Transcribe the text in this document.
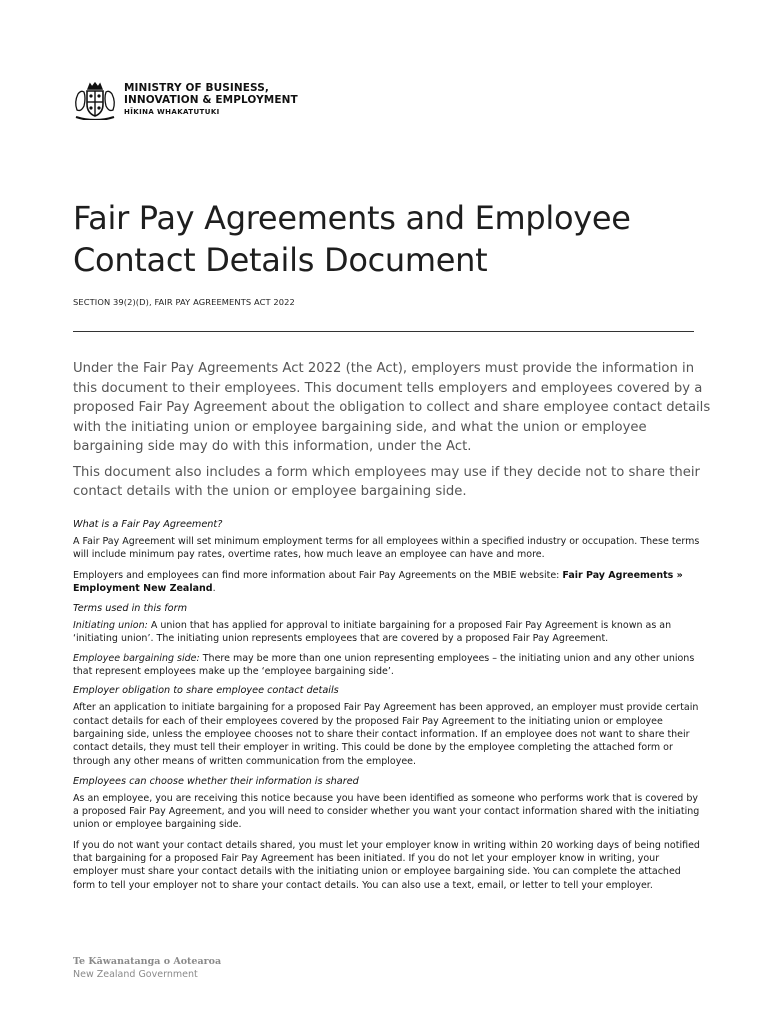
MINISTRY OF BUSINESS,
INNOVATION & EMPLOYMENT
HĪKINA WHAKATUTUKI
Fair Pay Agreements and Employee Contact Details Document
SECTION 39(2)(D), FAIR PAY AGREEMENTS ACT 2022

Under the Fair Pay Agreements Act 2022 (the Act), employers must provide the information in this document to their employees. This document tells employers and employees covered by a proposed Fair Pay Agreement about the obligation to collect and share employee contact details with the initiating union or employee bargaining side, and what the union or employee bargaining side may do with this information, under the Act.

This document also includes a form which employees may use if they decide not to share their contact details with the union or employee bargaining side.

What is a Fair Pay Agreement?

A Fair Pay Agreement will set minimum employment terms for all employees within a specified industry or occupation. These terms will include minimum pay rates, overtime rates, how much leave an employee can have and more.

Employers and employees can find more information about Fair Pay Agreements on the MBIE website: Fair Pay Agreements » Employment New Zealand.

Terms used in this form

Initiating union: A union that has applied for approval to initiate bargaining for a proposed Fair Pay Agreement is known as an ‘initiating union’. The initiating union represents employees that are covered by a proposed Fair Pay Agreement.

Employee bargaining side: There may be more than one union representing employees – the initiating union and any other unions that represent employees make up the ‘employee bargaining side’.

Employer obligation to share employee contact details

After an application to initiate bargaining for a proposed Fair Pay Agreement has been approved, an employer must provide certain contact details for each of their employees covered by the proposed Fair Pay Agreement to the initiating union or employee bargaining side, unless the employee chooses not to share their contact information. If an employee does not want to share their contact details, they must tell their employer in writing. This could be done by the employee completing the attached form or through any other means of written communication from the employee.

Employees can choose whether their information is shared

As an employee, you are receiving this notice because you have been identified as someone who performs work that is covered by a proposed Fair Pay Agreement, and you will need to consider whether you want your contact information shared with the initiating union or employee bargaining side.

If you do not want your contact details shared, you must let your employer know in writing within 20 working days of being notified that bargaining for a proposed Fair Pay Agreement has been initiated. If you do not let your employer know in writing, your employer must share your contact details with the initiating union or employee bargaining side. You can complete the attached form to tell your employer not to share your contact details. You can also use a text, email, or letter to tell your employer.

Te Kāwanatanga o Aotearoa
New Zealand Government
